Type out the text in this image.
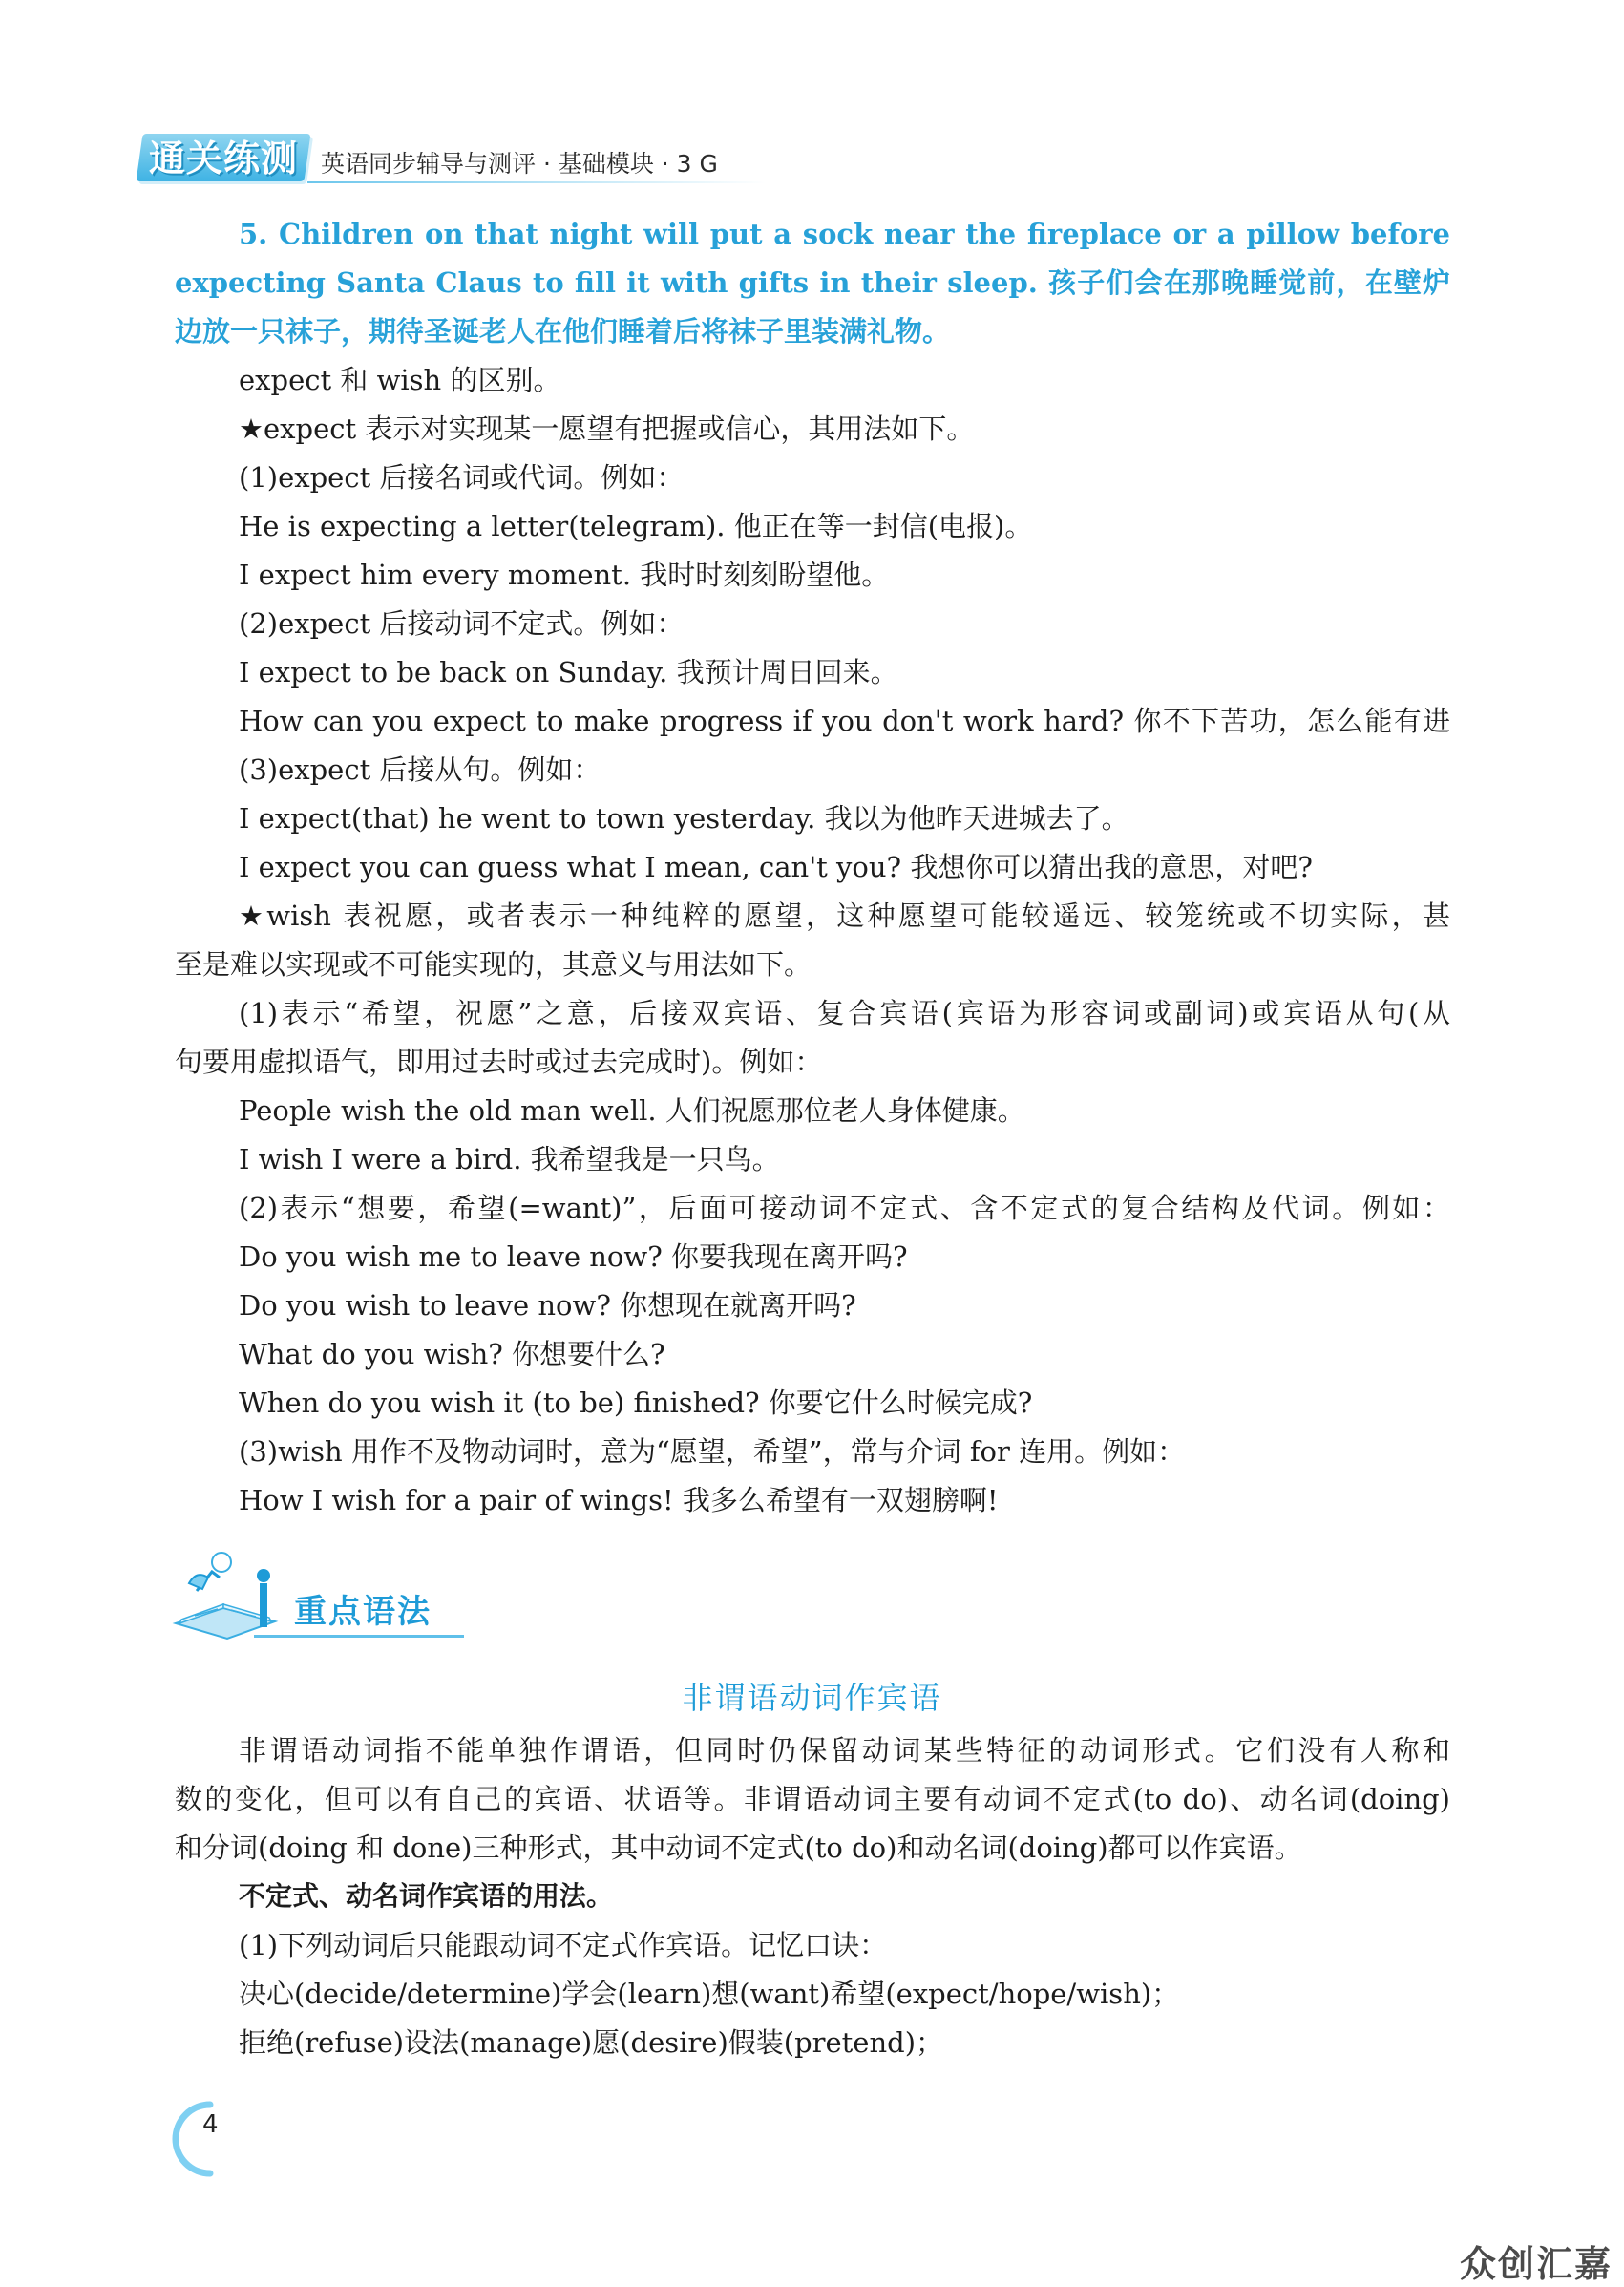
通关练测 英语同步辅导与测评 · 基础模块 · 3 G
5. Children on that night will put a sock near the fireplace or a pillow before
expecting Santa Claus to fill it with gifts in their sleep. 孩子们会在那晚睡觉前，在壁炉
边放一只袜子，期待圣诞老人在他们睡着后将袜子里装满礼物。
expect 和 wish 的区别。
★expect 表示对实现某一愿望有把握或信心，其用法如下。
(1)expect 后接名词或代词。例如：
He is expecting a letter(telegram). 他正在等一封信(电报)。
I expect him every moment. 我时时刻刻盼望他。
(2)expect 后接动词不定式。例如：
I expect to be back on Sunday. 我预计周日回来。
How can you expect to make progress if you don't work hard? 你不下苦功，怎么能有进
(3)expect 后接从句。例如：
I expect(that) he went to town yesterday. 我以为他昨天进城去了。
I expect you can guess what I mean, can't you? 我想你可以猜出我的意思，对吧?
★wish 表祝愿，或者表示一种纯粹的愿望，这种愿望可能较遥远、较笼统或不切实际，甚
至是难以实现或不可能实现的，其意义与用法如下。
(1)表示“希望，祝愿”之意，后接双宾语、复合宾语(宾语为形容词或副词)或宾语从句(从
句要用虚拟语气，即用过去时或过去完成时)。例如：
People wish the old man well. 人们祝愿那位老人身体健康。
I wish I were a bird. 我希望我是一只鸟。
(2)表示“想要，希望(=want)”，后面可接动词不定式、含不定式的复合结构及代词。例如：
Do you wish me to leave now? 你要我现在离开吗?
Do you wish to leave now? 你想现在就离开吗?
What do you wish? 你想要什么?
When do you wish it (to be) finished? 你要它什么时候完成?
(3)wish 用作不及物动词时，意为“愿望，希望”，常与介词 for 连用。例如：
How I wish for a pair of wings! 我多么希望有一双翅膀啊!
重点语法
非谓语动词作宾语
非谓语动词指不能单独作谓语，但同时仍保留动词某些特征的动词形式。它们没有人称和
数的变化，但可以有自己的宾语、状语等。非谓语动词主要有动词不定式(to do)、动名词(doing)
和分词(doing 和 done)三种形式，其中动词不定式(to do)和动名词(doing)都可以作宾语。
不定式、动名词作宾语的用法。
(1)下列动词后只能跟动词不定式作宾语。记忆口诀：
决心(decide/determine)学会(learn)想(want)希望(expect/hope/wish)；
拒绝(refuse)设法(manage)愿(desire)假装(pretend)；
4
众创汇嘉
